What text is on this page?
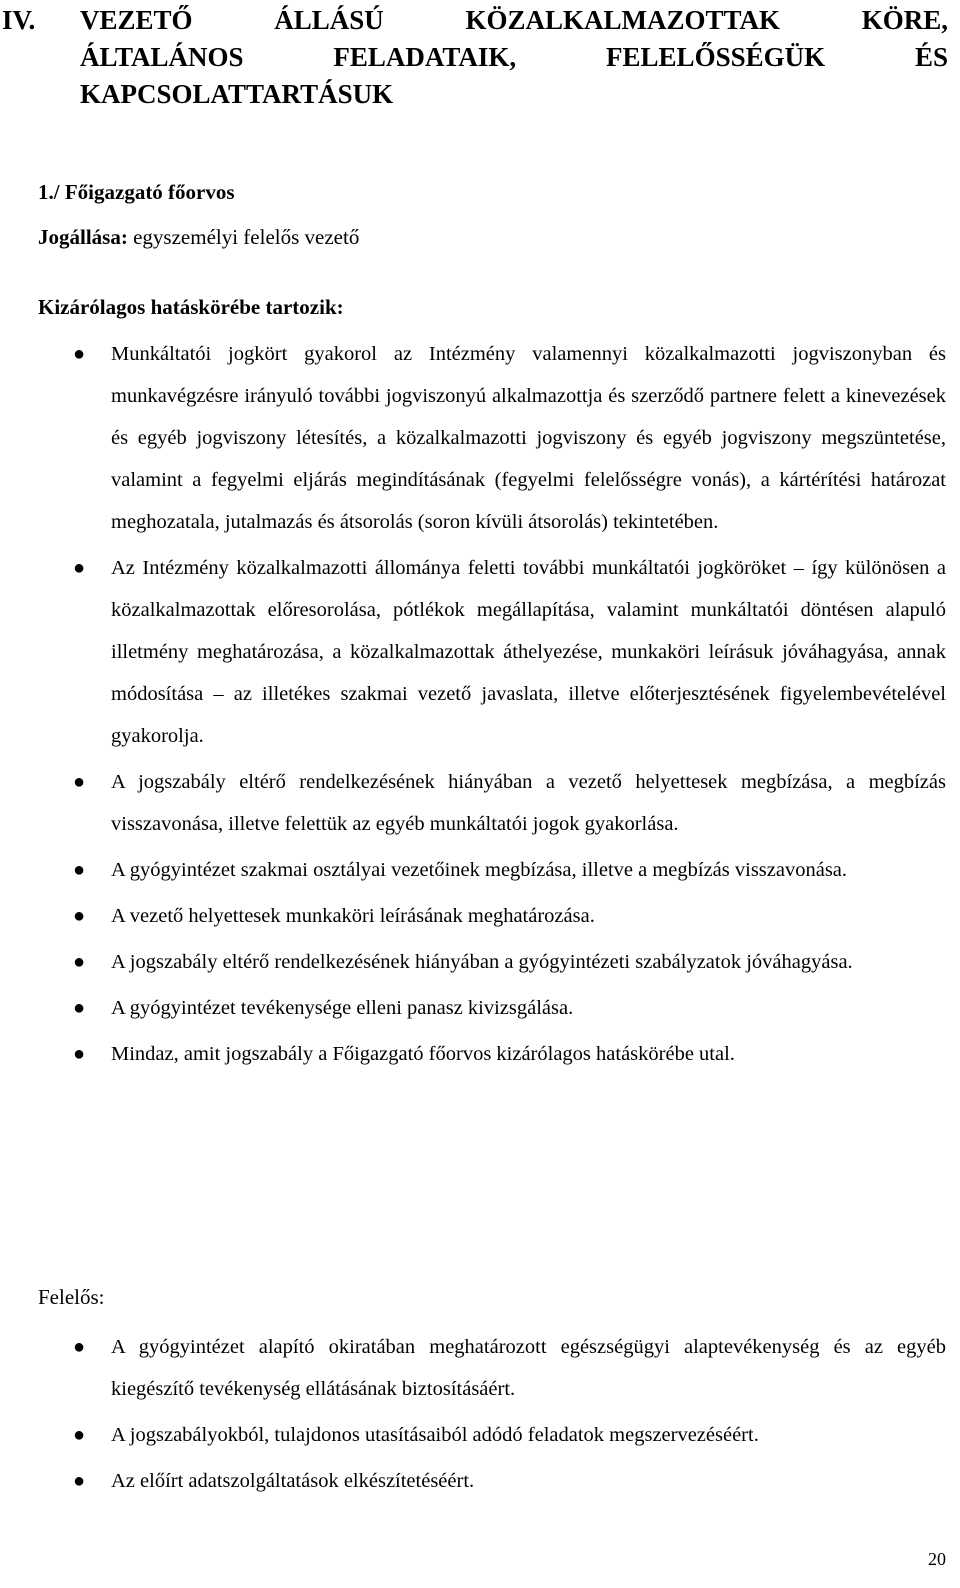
IV. VEZETŐ ÁLLÁSÚ KÖZALKALMAZOTTAK KÖRE,
ÁLTALÁNOS FELADATAIK, FELELŐSSÉGÜK ÉS
KAPCSOLATTARTÁSUK
1./ Főigazgató főorvos
Jogállása: egyszemélyi felelős vezető
Kizárólagos hatáskörébe tartozik:
● Munkáltatói jogkört gyakorol az Intézmény valamennyi közalkalmazotti jogviszonyban és munkavégzésre irányuló további jogviszonyú alkalmazottja és szerződő partnere felett a kinevezések és egyéb jogviszony létesítés, a közalkalmazotti jogviszony és egyéb jogviszony megszüntetése, valamint a fegyelmi eljárás megindításának (fegyelmi felelősségre vonás), a kártérítési határozat meghozatala, jutalmazás és átsorolás (soron kívüli átsorolás) tekintetében.
● Az Intézmény közalkalmazotti állománya feletti további munkáltatói jogköröket – így különösen a közalkalmazottak előresorolása, pótlékok megállapítása, valamint munkáltatói döntésen alapuló illetmény meghatározása, a közalkalmazottak áthelyezése, munkaköri leírásuk jóváhagyása, annak módosítása – az illetékes szakmai vezető javaslata, illetve előterjesztésének figyelembevételével gyakorolja.
● A jogszabály eltérő rendelkezésének hiányában a vezető helyettesek megbízása, a megbízás visszavonása, illetve felettük az egyéb munkáltatói jogok gyakorlása.
● A gyógyintézet szakmai osztályai vezetőinek megbízása, illetve a megbízás visszavonása.
● A vezető helyettesek munkaköri leírásának meghatározása.
● A jogszabály eltérő rendelkezésének hiányában a gyógyintézeti szabályzatok jóváhagyása.
● A gyógyintézet tevékenysége elleni panasz kivizsgálása.
● Mindaz, amit jogszabály a Főigazgató főorvos kizárólagos hatáskörébe utal.
Felelős:
● A gyógyintézet alapító okiratában meghatározott egészségügyi alaptevékenység és az egyéb kiegészítő tevékenység ellátásának biztosításáért.
● A jogszabályokból, tulajdonos utasításaiból adódó feladatok megszervezéséért.
● Az előírt adatszolgáltatások elkészítetéséért.
20
